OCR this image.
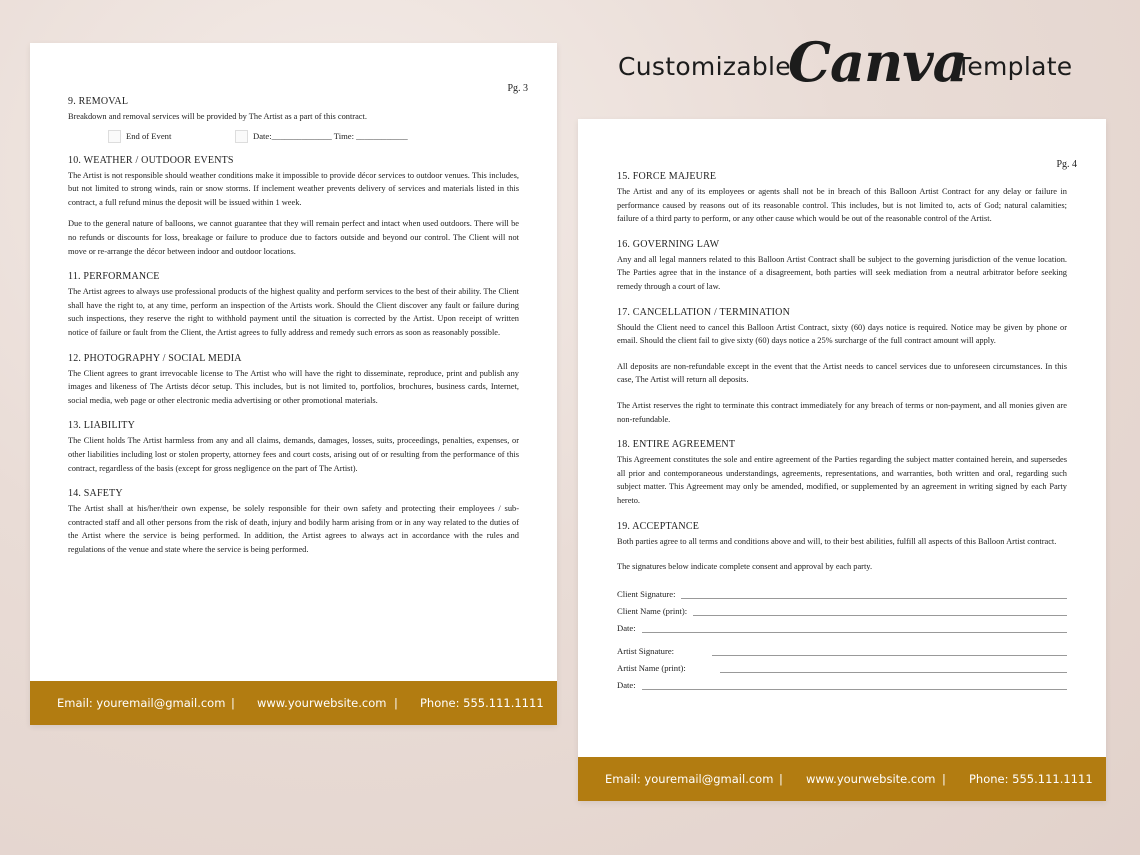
Customizable
Canva
Template
Pg. 3

9. REMOVAL

Breakdown and removal services will be provided by The Artist as a part of this contract.

End of Event	Date:______________ Time: ____________

10. WEATHER / OUTDOOR EVENTS

The Artist is not responsible should weather conditions make it impossible to provide décor services to outdoor venues. This includes, but not limited to strong winds, rain or snow storms. If inclement weather prevents delivery of services and materials listed in this contract, a full refund minus the deposit will be issued within 1 week.

Due to the general nature of balloons, we cannot guarantee that they will remain perfect and intact when used outdoors. There will be no refunds or discounts for loss, breakage or failure to produce due to factors outside and beyond our control. The Client will not move or re-arrange the décor between indoor and outdoor locations.

11. PERFORMANCE

The Artist agrees to always use professional products of the highest quality and perform services to the best of their ability. The Client shall have the right to, at any time, perform an inspection of the Artists work. Should the Client discover any fault or failure during such inspections, they reserve the right to withhold payment until the situation is corrected by the Artist. Upon receipt of written notice of failure or fault from the Client, the Artist agrees to fully address and remedy such errors as soon as reasonably possible.

12. PHOTOGRAPHY / SOCIAL MEDIA

The Client agrees to grant irrevocable license to The Artist who will have the right to disseminate, reproduce, print and publish any images and likeness of The Artists décor setup. This includes, but is not limited to, portfolios, brochures, business cards, Internet, social media, web page or other electronic media advertising or other promotional materials.

13. LIABILITY

The Client holds The Artist harmless from any and all claims, demands, damages, losses, suits, proceedings, penalties, expenses, or other liabilities including lost or stolen property, attorney fees and court costs, arising out of or resulting from the performance of this contract, regardless of the basis (except for gross negligence on the part of The Artist).

14. SAFETY

The Artist shall at his/her/their own expense, be solely responsible for their own safety and protecting their employees / sub-contracted staff and all other persons from the risk of death, injury and bodily harm arising from or in any way related to the duties of the Artist where the service is being performed. In addition, the Artist agrees to always act in accordance with the rules and regulations of the venue and state where the service is being performed.

Email: youremail@gmail.com | www.yourwebsite.com | Phone: 555.111.1111
Pg. 4

15. FORCE MAJEURE

The Artist and any of its employees or agents shall not be in breach of this Balloon Artist Contract for any delay or failure in performance caused by reasons out of its reasonable control. This includes, but is not limited to, acts of God; natural calamities; failure of a third party to perform, or any other cause which would be out of the reasonable control of the Artist.

16. GOVERNING LAW

Any and all legal manners related to this Balloon Artist Contract shall be subject to the governing jurisdiction of the venue location. The Parties agree that in the instance of a disagreement, both parties will seek mediation from a neutral arbitrator before seeking remedy through a court of law.

17. CANCELLATION / TERMINATION

Should the Client need to cancel this Balloon Artist Contract, sixty (60) days notice is required. Notice may be given by phone or email. Should the client fail to give sixty (60) days notice a 25% surcharge of the full contract amount will apply.

All deposits are non-refundable except in the event that the Artist needs to cancel services due to unforeseen circumstances. In this case, The Artist will return all deposits.

The Artist reserves the right to terminate this contract immediately for any breach of terms or non-payment, and all monies given are non-refundable.

18. ENTIRE AGREEMENT

This Agreement constitutes the sole and entire agreement of the Parties regarding the subject matter contained herein, and supersedes all prior and contemporaneous understandings, agreements, representations, and warranties, both written and oral, regarding such subject matter. This Agreement may only be amended, modified, or supplemented by an agreement in writing signed by each Party hereto.

19. ACCEPTANCE

Both parties agree to all terms and conditions above and will, to their best abilities, fulfill all aspects of this Balloon Artist contract.

The signatures below indicate complete consent and approval by each party.

Client Signature:
Client Name (print):
Date:
Artist Signature:
Artist Name (print):
Date:
Email: youremail@gmail.com | www.yourwebsite.com | Phone: 555.111.1111
